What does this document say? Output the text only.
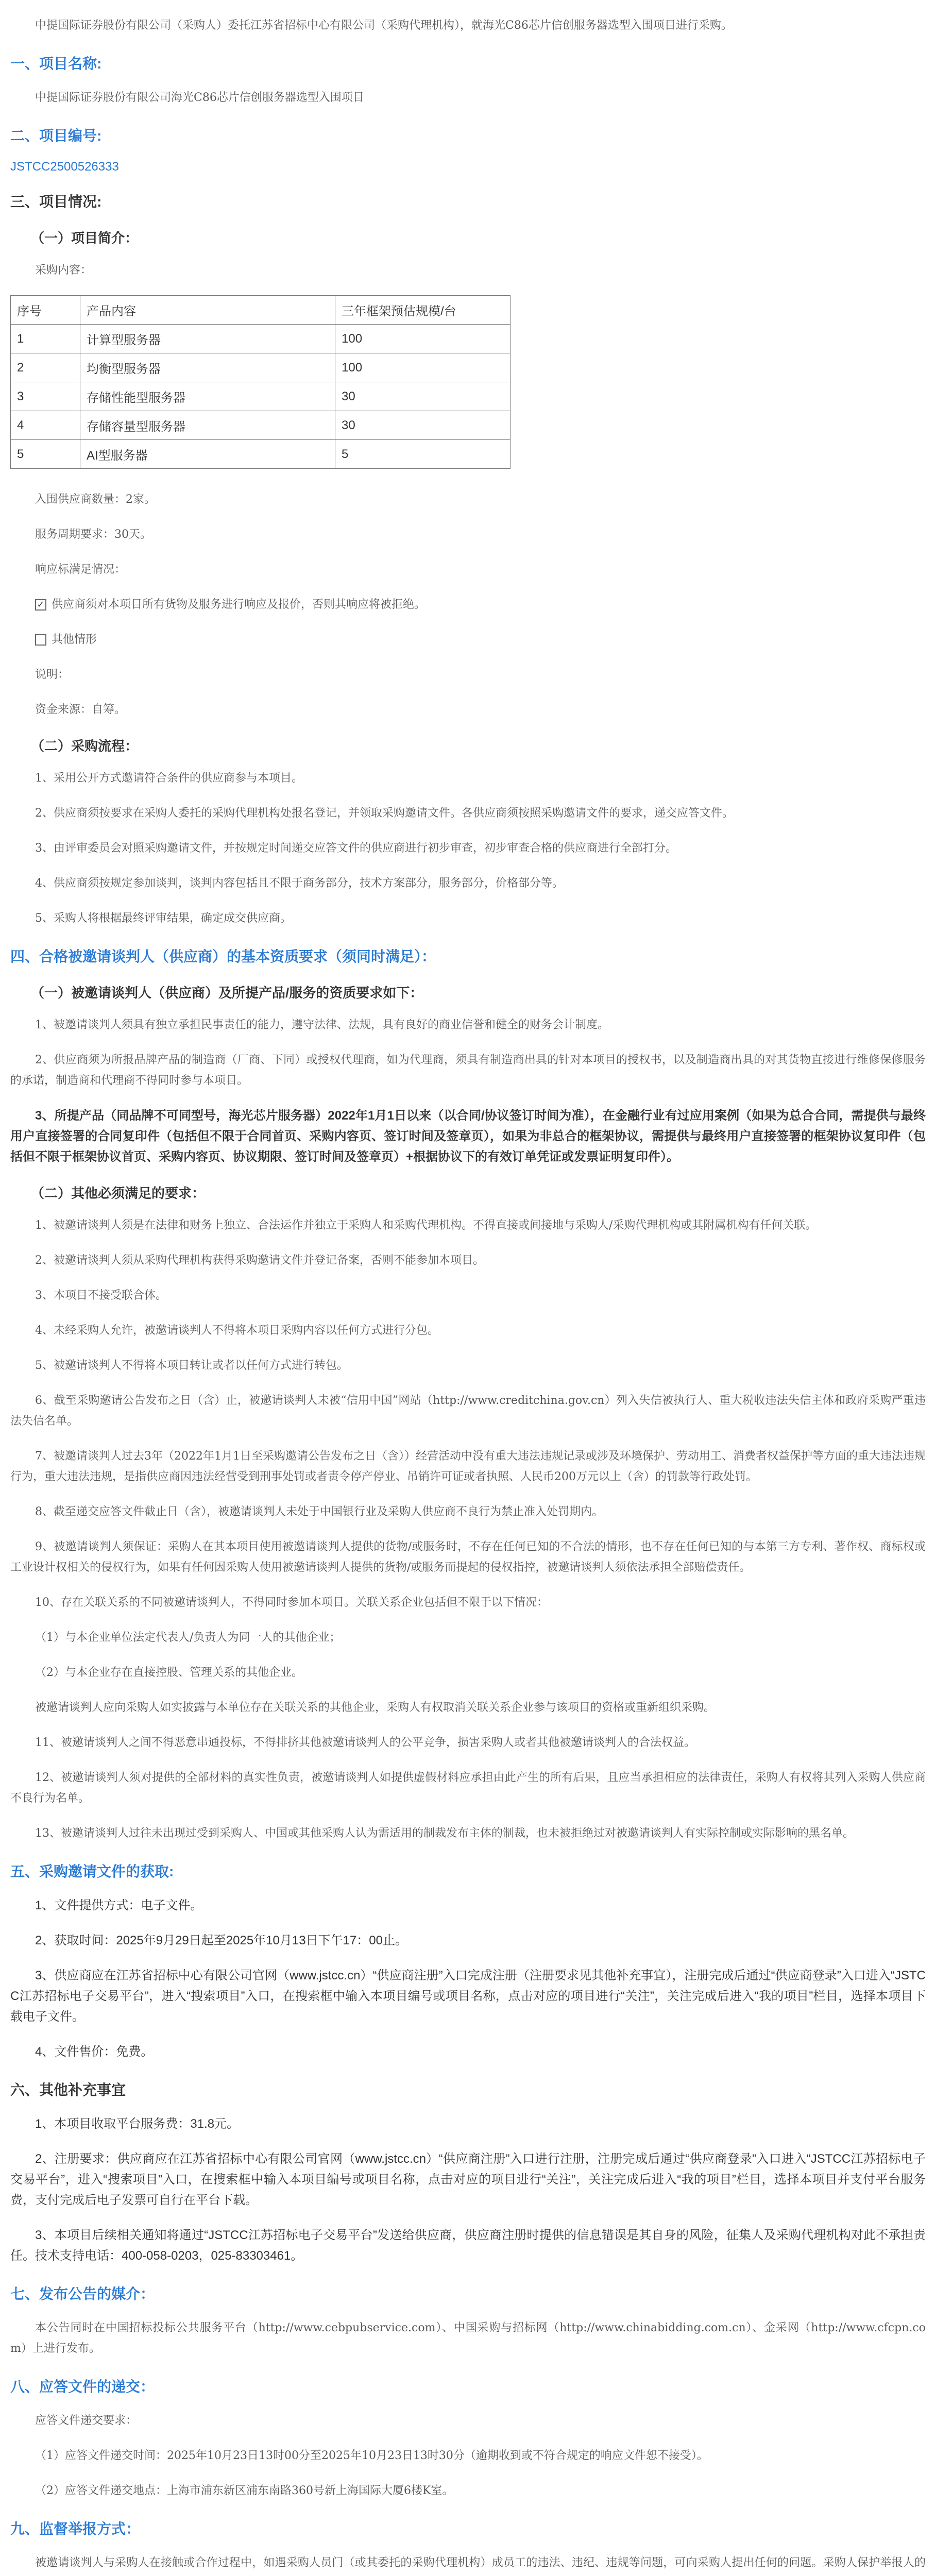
中提国际证券股份有限公司（采购人）委托江苏省招标中心有限公司（采购代理机构），就海光C86芯片信创服务器选型入围项目进行采购。

一、项目名称:

中提国际证券股份有限公司海光C86芯片信创服务器选型入围项目

二、项目编号:

JSTCC2500526333

三、项目情况:
（一）项目简介：

采购内容：

序号	产品内容	三年框架预估规模/台
1	计算型服务器	100
2	均衡型服务器	100
3	存储性能型服务器	30
4	存储容量型服务器	30
5	AI型服务器	5

入围供应商数量：2家。

服务周期要求：30天。

响应标满足情况：

✓ 供应商须对本项目所有货物及服务进行响应及报价，否则其响应将被拒绝。
其他情形

说明：

资金来源：自筹。

（二）采购流程：

1、采用公开方式邀请符合条件的供应商参与本项目。

2、供应商须按要求在采购人委托的采购代理机构处报名登记，并领取采购邀请文件。各供应商须按照采购邀请文件的要求，递交应答文件。

3、由评审委员会对照采购邀请文件，并按规定时间递交应答文件的供应商进行初步审查，初步审查合格的供应商进行全部打分。

4、供应商须按规定参加谈判，谈判内容包括且不限于商务部分，技术方案部分，服务部分，价格部分等。

5、采购人将根据最终评审结果，确定成交供应商。

四、合格被邀请谈判人（供应商）的基本资质要求（须同时满足）：
（一）被邀请谈判人（供应商）及所提产品/服务的资质要求如下：

1、被邀请谈判人须具有独立承担民事责任的能力，遵守法律、法规，具有良好的商业信誉和健全的财务会计制度。

2、供应商须为所报品牌产品的制造商（厂商、下同）或授权代理商，如为代理商，须具有制造商出具的针对本项目的授权书，以及制造商出具的对其货物直接进行维修保修服务的承诺，制造商和代理商不得同时参与本项目。

3、所提产品（同品牌不可同型号，海光芯片服务器）2022年1月1日以来（以合同/协议签订时间为准），在金融行业有过应用案例（如果为总合合同，需提供与最终用户直接签署的合同复印件（包括但不限于合同首页、采购内容页、签订时间及签章页），如果为非总合的框架协议，需提供与最终用户直接签署的框架协议复印件（包括但不限于框架协议首页、采购内容页、协议期限、签订时间及签章页）+根据协议下的有效订单凭证或发票证明复印件）。

（二）其他必须满足的要求：

1、被邀请谈判人须是在法律和财务上独立、合法运作并独立于采购人和采购代理机构。不得直接或间接地与采购人/采购代理机构或其附属机构有任何关联。

2、被邀请谈判人须从采购代理机构获得采购邀请文件并登记备案，否则不能参加本项目。

3、本项目不接受联合体。

4、未经采购人允许，被邀请谈判人不得将本项目采购内容以任何方式进行分包。

5、被邀请谈判人不得将本项目转让或者以任何方式进行转包。

6、截至采购邀请公告发布之日（含）止，被邀请谈判人未被“信用中国”网站（http://www.creditchina.gov.cn）列入失信被执行人、重大税收违法失信主体和政府采购严重违法失信名单。

7、被邀请谈判人过去3年（2022年1月1日至采购邀请公告发布之日（含））经营活动中没有重大违法违规记录或涉及环境保护、劳动用工、消费者权益保护等方面的重大违法违规行为，重大违法违规，是指供应商因违法经营受到刑事处罚或者责令停产停业、吊销许可证或者执照、人民币200万元以上（含）的罚款等行政处罚。

8、截至递交应答文件截止日（含），被邀请谈判人未处于中国银行业及采购人供应商不良行为禁止准入处罚期内。

9、被邀请谈判人须保证：采购人在其本项目使用被邀请谈判人提供的货物/或服务时，不存在任何已知的不合法的情形，也不存在任何已知的与本第三方专利、著作权、商标权或工业设计权相关的侵权行为，如果有任何因采购人使用被邀请谈判人提供的货物/或服务而提起的侵权指控，被邀请谈判人须依法承担全部赔偿责任。

10、存在关联关系的不同被邀请谈判人，不得同时参加本项目。关联关系企业包括但不限于以下情况：

（1）与本企业单位法定代表人/负责人为同一人的其他企业；

（2）与本企业存在直接控股、管理关系的其他企业。

被邀请谈判人应向采购人如实披露与本单位存在关联关系的其他企业，采购人有权取消关联关系企业参与该项目的资格或重新组织采购。

11、被邀请谈判人之间不得恶意串通投标，不得排挤其他被邀请谈判人的公平竞争，损害采购人或者其他被邀请谈判人的合法权益。

12、被邀请谈判人须对提供的全部材料的真实性负责，被邀请谈判人如提供虚假材料应承担由此产生的所有后果，且应当承担相应的法律责任，采购人有权将其列入采购人供应商不良行为名单。

13、被邀请谈判人过往未出现过受到采购人、中国或其他采购人认为需适用的制裁发布主体的制裁，也未被拒绝过对被邀请谈判人有实际控制或实际影响的黑名单。

五、采购邀请文件的获取:

1、文件提供方式：电子文件。

2、获取时间：2025年9月29日起至2025年10月13日下午17：00止。

3、供应商应在江苏省招标中心有限公司官网（www.jstcc.cn）“供应商注册”入口完成注册（注册要求见其他补充事宜），注册完成后通过“供应商登录”入口进入“JSTCC江苏招标电子交易平台”，进入“搜索项目”入口，在搜索框中输入本项目编号或项目名称，点击对应的项目进行“关注”，关注完成后进入“我的项目”栏目，选择本项目下载电子文件。

4、文件售价：免费。

六、其他补充事宜

1、本项目收取平台服务费：31.8元。

2、注册要求：供应商应在江苏省招标中心有限公司官网（www.jstcc.cn）“供应商注册”入口进行注册，注册完成后通过“供应商登录”入口进入“JSTCC江苏招标电子交易平台”，进入“搜索项目”入口，在搜索框中输入本项目编号或项目名称，点击对应的项目进行“关注”，关注完成后进入“我的项目”栏目，选择本项目并支付平台服务费，支付完成后电子发票可自行在平台下载。

3、本项目后续相关通知将通过“JSTCC江苏招标电子交易平台”发送给供应商，供应商注册时提供的信息错误是其自身的风险，征集人及采购代理机构对此不承担责任。技术支持电话：400-058-0203，025-83303461。

七、发布公告的媒介：

本公告同时在中国招标投标公共服务平台（http://www.cebpubservice.com）、中国采购与招标网（http://www.chinabidding.com.cn）、金采网（http://www.cfcpn.com）上进行发布。

八、应答文件的递交：

应答文件递交要求：

（1）应答文件递交时间：2025年10月23日13时00分至2025年10月23日13时30分（逾期收到或不符合规定的响应文件恕不接受）。

（2）应答文件递交地点：上海市浦东新区浦东南路360号新上海国际大厦6楼K室。

九、监督举报方式：

被邀请谈判人与采购人在接触或合作过程中，如遇采购人员门（或其委托的采购代理机构）成员工的违法、违纪、违规等问题，可向采购人提出任何的问题。采购人保护举报人的
